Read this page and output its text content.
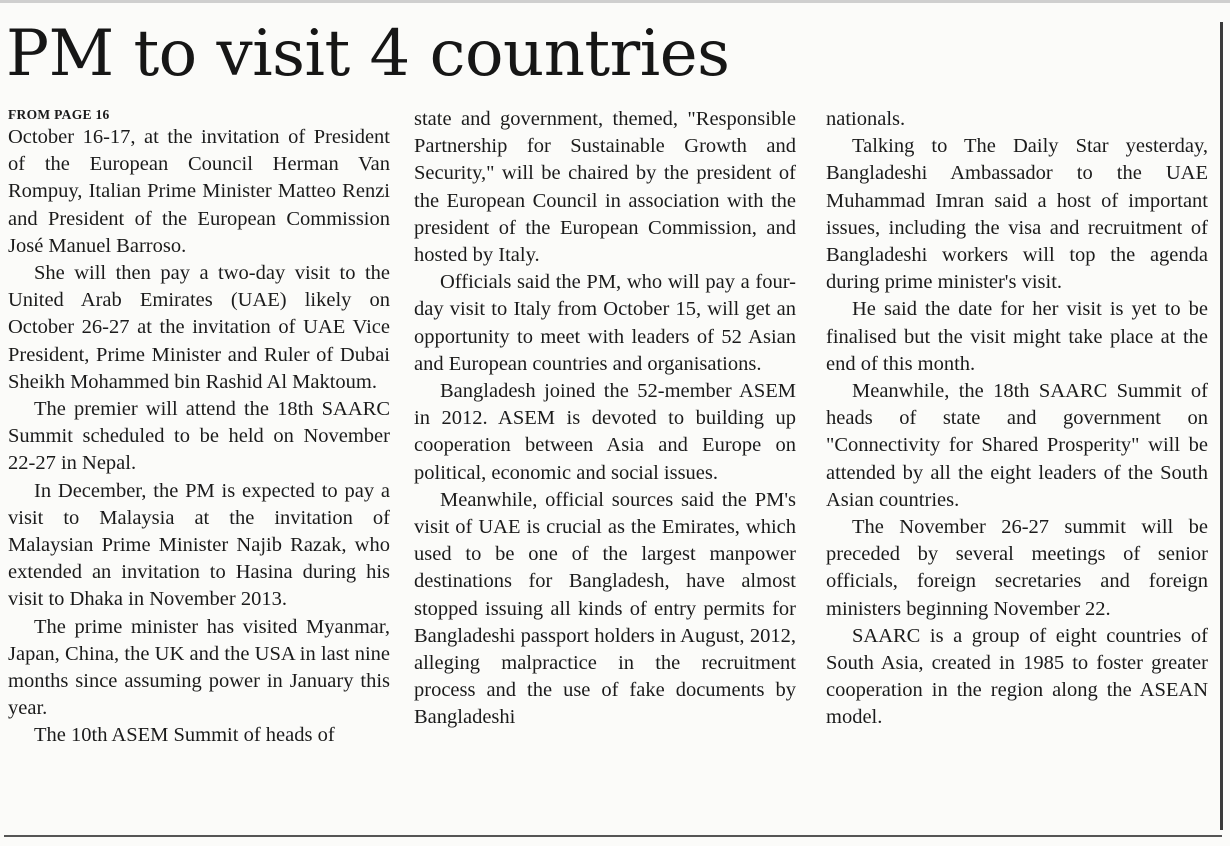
PM to visit 4 countries
FROM PAGE 16

October 16-17, at the invitation of President of the European Council Herman Van Rompuy, Italian Prime Minister Matteo Renzi and President of the European Commission José Manuel Barroso.

She will then pay a two-day visit to the United Arab Emirates (UAE) likely on October 26-27 at the invitation of UAE Vice President, Prime Minister and Ruler of Dubai Sheikh Mohammed bin Rashid Al Maktoum.

The premier will attend the 18th SAARC Summit scheduled to be held on November 22-27 in Nepal.

In December, the PM is expected to pay a visit to Malaysia at the invitation of Malaysian Prime Minister Najib Razak, who extended an invitation to Hasina during his visit to Dhaka in November 2013.

The prime minister has visited Myanmar, Japan, China, the UK and the USA in last nine months since assuming power in January this year.

The 10th ASEM Summit of heads of

state and government, themed, "Responsible Partnership for Sustainable Growth and Security," will be chaired by the president of the European Council in association with the president of the European Commission, and hosted by Italy.

Officials said the PM, who will pay a four-day visit to Italy from October 15, will get an opportunity to meet with leaders of 52 Asian and European countries and organisations.

Bangladesh joined the 52-member ASEM in 2012. ASEM is devoted to building up cooperation between Asia and Europe on political, economic and social issues.

Meanwhile, official sources said the PM's visit of UAE is crucial as the Emirates, which used to be one of the largest manpower destinations for Bangladesh, have almost stopped issuing all kinds of entry permits for Bangladeshi passport holders in August, 2012, alleging malpractice in the recruitment process and the use of fake documents by Bangladeshi

nationals.

Talking to The Daily Star yesterday, Bangladeshi Ambassador to the UAE Muhammad Imran said a host of important issues, including the visa and recruitment of Bangladeshi workers will top the agenda during prime minister's visit.

He said the date for her visit is yet to be finalised but the visit might take place at the end of this month.

Meanwhile, the 18th SAARC Summit of heads of state and government on "Connectivity for Shared Prosperity" will be attended by all the eight leaders of the South Asian countries.

The November 26-27 summit will be preceded by several meetings of senior officials, foreign secretaries and foreign ministers beginning November 22.

SAARC is a group of eight countries of South Asia, created in 1985 to foster greater cooperation in the region along the ASEAN model.
